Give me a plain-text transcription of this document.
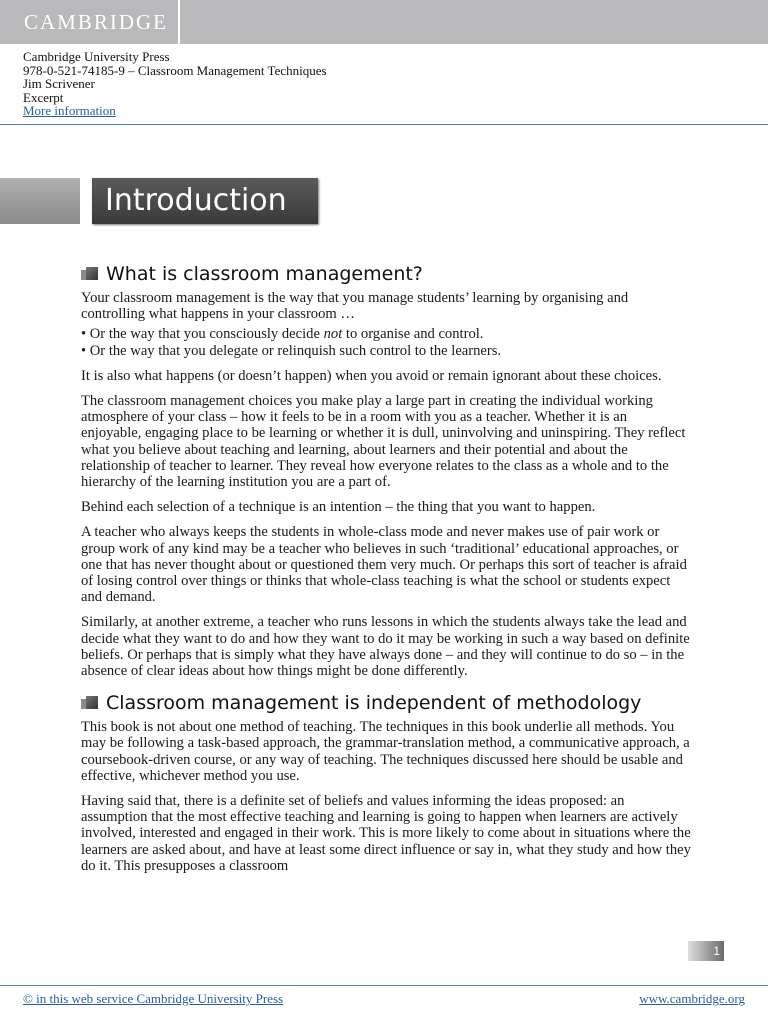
CAMBRIDGE
Cambridge University Press
978-0-521-74185-9 – Classroom Management Techniques
Jim Scrivener
Excerpt
More information
Introduction
What is classroom management?

Your classroom management is the way that you manage students’ learning by organising and controlling what happens in your classroom …

• Or the way that you consciously decide not to organise and control.
• Or the way that you delegate or relinquish such control to the learners.

It is also what happens (or doesn’t happen) when you avoid or remain ignorant about these choices.

The classroom management choices you make play a large part in creating the individual working atmosphere of your class – how it feels to be in a room with you as a teacher. Whether it is an enjoyable, engaging place to be learning or whether it is dull, uninvolving and uninspiring. They reflect what you believe about teaching and learning, about learners and their potential and about the relationship of teacher to learner. They reveal how everyone relates to the class as a whole and to the hierarchy of the learning institution you are a part of.

Behind each selection of a technique is an intention – the thing that you want to happen.

A teacher who always keeps the students in whole-class mode and never makes use of pair work or group work of any kind may be a teacher who believes in such ‘traditional’ educational approaches, or one that has never thought about or questioned them very much. Or perhaps this sort of teacher is afraid of losing control over things or thinks that whole-class teaching is what the school or students expect and demand.

Similarly, at another extreme, a teacher who runs lessons in which the students always take the lead and decide what they want to do and how they want to do it may be working in such a way based on definite beliefs. Or perhaps that is simply what they have always done – and they will continue to do so – in the absence of clear ideas about how things might be done differently.

Classroom management is independent of methodology

This book is not about one method of teaching. The techniques in this book underlie all methods. You may be following a task-based approach, the grammar-translation method, a communicative approach, a coursebook-driven course, or any way of teaching. The techniques discussed here should be usable and effective, whichever method you use.

Having said that, there is a definite set of beliefs and values informing the ideas proposed: an assumption that the most effective teaching and learning is going to happen when learners are actively involved, interested and engaged in their work. This is more likely to come about in situations where the learners are asked about, and have at least some direct influence or say in, what they study and how they do it. This presupposes a classroom

1
© in this web service Cambridge University Press	www.cambridge.org
